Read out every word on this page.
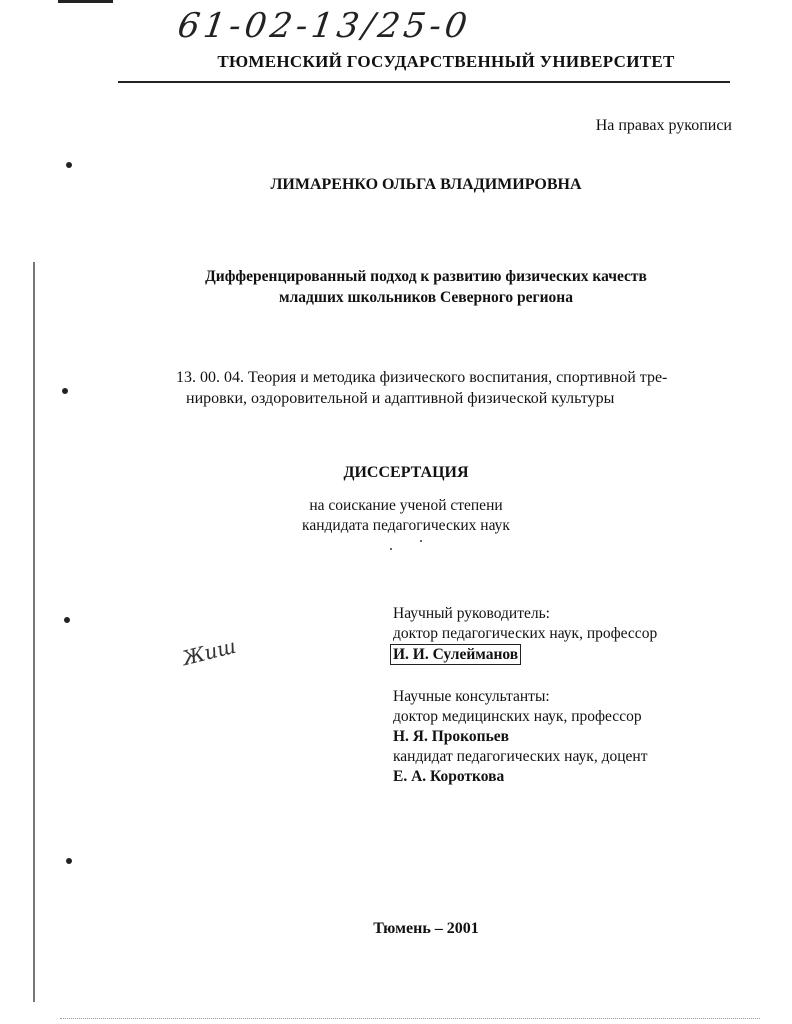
61-02-13/25-0
ТЮМЕНСКИЙ ГОСУДАРСТВЕННЫЙ УНИВЕРСИТЕТ
На правах рукописи
ЛИМАРЕНКО ОЛЬГА ВЛАДИМИРОВНА
Дифференцированный подход к развитию физических качеств
младших школьников Северного региона
13. 00. 04. Теория и методика физического воспитания, спортивной тре-
нировки, оздоровительной и адаптивной физической культуры
ДИССЕРТАЦИЯ
на соискание ученой степени
кандидата педагогических наук
Научный руководитель:
доктор педагогических наук, профессор
И. И. Сулейманов
Научные консультанты:
доктор медицинских наук, профессор
Н. Я. Прокопьев
кандидат педагогических наук, доцент
Е. А. Короткова
Жиш
Тюмень – 2001
